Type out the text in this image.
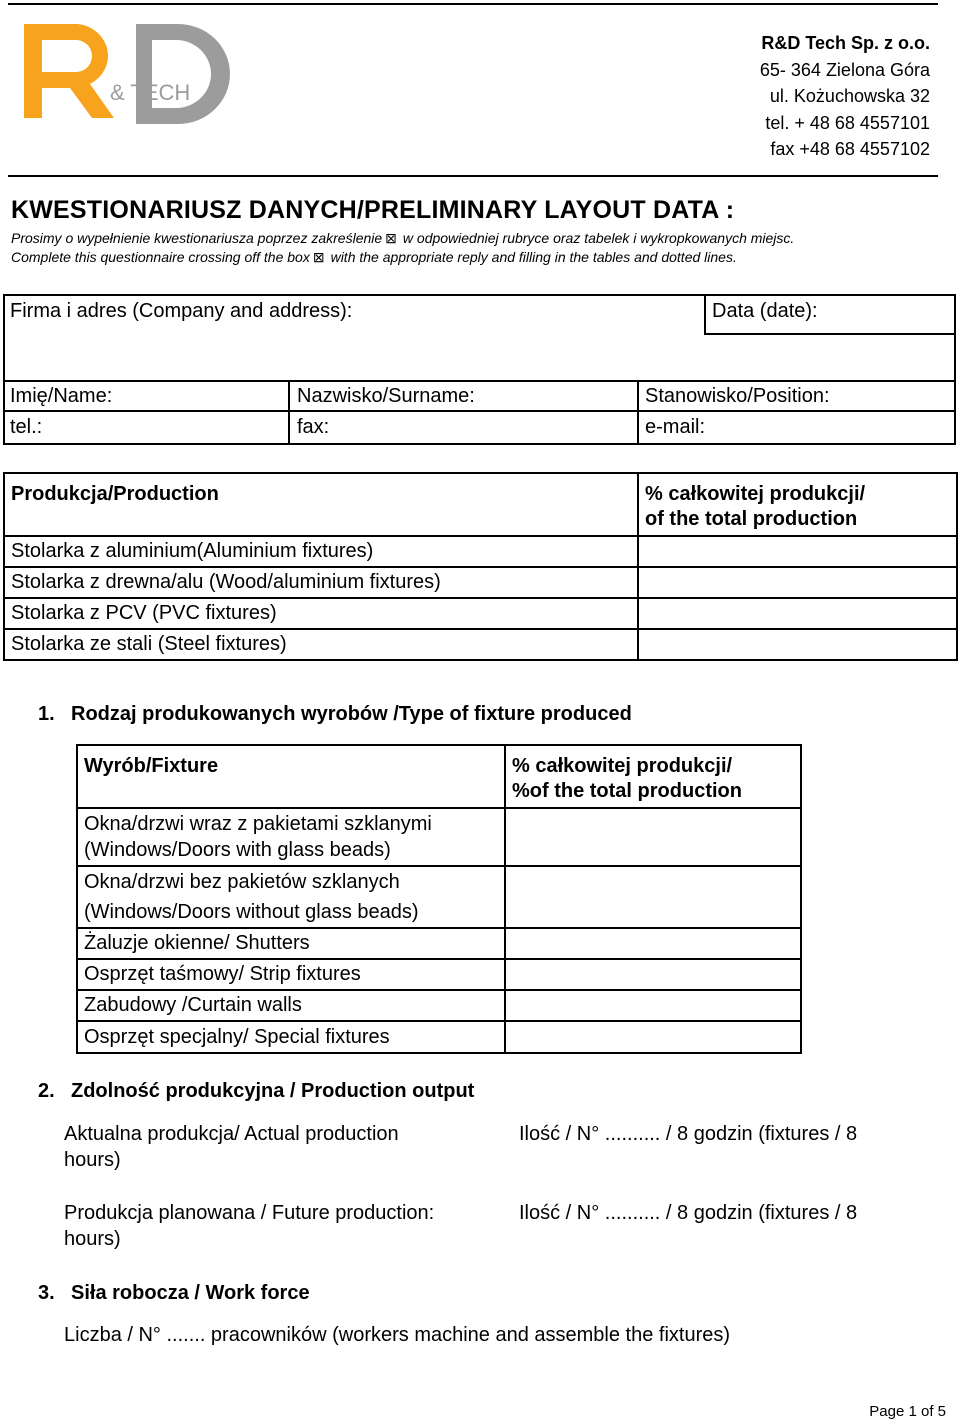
& TECH
R&D Tech Sp. z o.o.
65- 364 Zielona Góra
ul. Kożuchowska 32
tel. + 48 68 4557101
fax +48 68 4557102
KWESTIONARIUSZ DANYCH/PRELIMINARY LAYOUT DATA :
Prosimy o wypełnienie kwestionariusza poprzez zakreślenie ⊠ w odpowiedniej rubryce oraz tabelek i wykropkowanych miejsc.
Complete this questionnaire crossing off the box ⊠ with the appropriate reply and filling in the tables and dotted lines.
Firma i adres (Company and address):	Data (date):
Imię/Name:	Nazwisko/Surname:	Stanowisko/Position:
tel.:	fax:	e-mail:
Produkcja/Production	% całkowitej produkcji/
of the total production

Stolarka z aluminium(Aluminium fixtures)	
Stolarka z drewna/alu (Wood/aluminium fixtures)	
Stolarka z PCV (PVC fixtures)	
Stolarka ze stali (Steel fixtures)	
1. Rodzaj produkowanych wyrobów /Type of fixture produced
Wyrób/Fixture	% całkowitej produkcji/
%of the total production

Okna/drzwi wraz z pakietami szklanymi
(Windows/Doors with glass beads)	

Okna/drzwi bez pakietów szklanych
(Windows/Doors without glass beads)	

Żaluzje okienne/ Shutters	
Osprzęt taśmowy/ Strip fixtures	
Zabudowy /Curtain walls	
Osprzęt specjalny/ Special fixtures	
2. Zdolność produkcyjna / Production output
Aktualna produkcja/ Actual production	Ilość / N° .......... / 8 godzin (fixtures / 8
hours)
Produkcja planowana / Future production:	Ilość / N° .......... / 8 godzin (fixtures / 8
hours)
3. Siła robocza / Work force
Liczba / N° ....... pracowników (workers machine and assemble the fixtures)
Page 1 of 5
